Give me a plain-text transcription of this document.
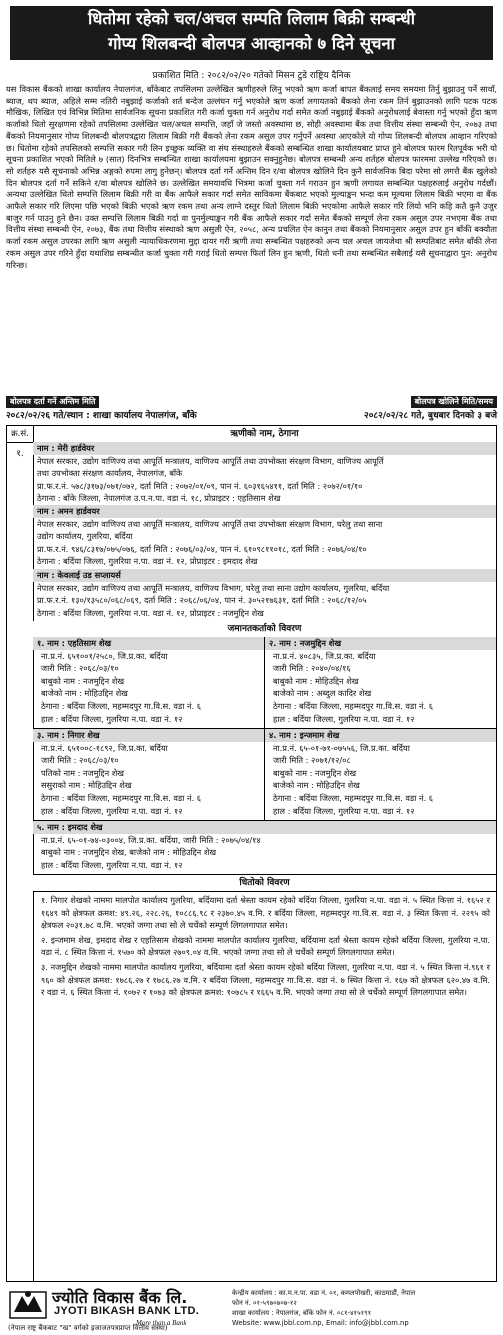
धितोमा रहेको चल/अचल सम्पति लिलाम बिक्री सम्बन्धी
गोप्य शिलबन्दी बोलपत्र आव्हानको ७ दिने सूचना
प्रकाशित मिति : २०८२/०२/२० गतेको मिसन टुडे राष्ट्रिय दैनिक
यस विकास बैंकको शाखा कार्यालय नेपालगंज, बाँकेबाट तपसिलमा उल्लेखित ऋणीहरुले लिनु भएको ऋण कर्जा बापत बैंकलाई समय समयमा तिर्नु बुझाउनु पर्ने सावाँ, ब्याज, थप ब्याज, अहिले सम्म नतिरी नबुझाई कर्जाको शर्त बन्देज उल्लंघन गर्नु भएकोले ऋण कर्जा लगायतको बैंकको लेना रकम तिर्न बुझाउनको लागि पटक पटक मौखिक, लिखित एवं विभिन्न मितिमा सार्वजनिक सूचना प्रकाशित गरी कर्जा चुक्ता गर्न अनुरोध गर्दा समेत कर्जा नबुझाई बैंकको अनुरोधलाई बेवास्ता गर्नु भएको हुँदा ऋण कर्जाको धितो सुरक्षणमा रहेको तपसिलमा उल्लेखित चल/अचल सम्पत्ति, जहाँ जे जस्तो अवस्थामा छ, सोही अवस्थामा बैंक तथा वित्तीय संस्था सम्बन्धी ऐन, २०७३ तथा बैंकको नियमानुसार गोप्य शिलबन्दी बोलपत्रद्वारा लिलाम बिक्री गरी बैंकको लेना रकम असुल उपर गर्नुपर्ने अवस्था आएकोले यो गोप्य शिलबन्दी बोलपत्र आव्हान गरिएको छ। धितोमा रहेको तपसिलको सम्पत्ति सकार गरी लिन इच्छुक व्यक्ति वा संघ संस्थाहरुले बैंकको सम्बन्धित शाखा कार्यालयबाट प्राप्त हुने बोलपत्र फारम रितपूर्वक भरी यो सूचना प्रकाशित भएको मितिले ७ (सात) दिनभित्र सम्बन्धित शाखा कार्यालयमा बुझाउन सक्नुहुनेछ। बोलपत्र सम्बन्धी अन्य शर्तहरु बोलपत्र फारममा उल्लेख गरिएको छ। सो शर्तहरु यसै सूचनाको अभिन्न अङ्गको रुपमा लागु हुनेछन्। बोलपत्र दर्ता गर्ने अन्तिम दिन र/वा बोलपत्र खोलिने दिन कुनै सार्वजनिक बिदा परेमा सो लगत्तै बैंक खुलेको दिन बोलपत्र दर्ता गर्ने सकिने र/वा बोलपत्र खोलिने छ। उल्लेखित समयावधि भित्रमा कर्जा चुक्ता गर्न गराउन हुन ऋणी लगायत सम्बन्धित पक्षहरुलाई अनुरोध गर्दछौं। अन्यथा उल्लेखित धितो सम्पत्ति लिलाम बिक्री गरी वा बैंक आफैले सकार गर्दा समेत साविकमा बैंकबाट भएको मुल्याङ्कन भन्दा कम मूल्यमा लिलाम बिक्री भएमा वा बैंक आफैले सकार गरि लिएमा पछि भएको बिक्री भएको ऋण रकम तथा अन्य लाग्ने दस्तुर धितो लिलाम बिक्री भएकोमा आफैले सकार गरि लियो भनि कहि कतै कुनै उजुर बाजुर गर्न पाउनु हुने छैन। उक्त सम्पत्ति लिलाम बिक्री गर्दा वा पुनर्मुल्याङ्कन गरी बैंक आफैले सकार गर्दा समेत बैंकको सम्पूर्ण लेना रकम असुल उपर नभएमा बैंक तथा वित्तीय संस्था सम्बन्धी ऐन, २०७३, बैंक तथा वित्तीय संस्थाको ऋण असुली ऐन, २०५८, अन्य प्रचलित ऐन कानुन तथा बैंकको नियमानुसार असुल उपर हुन बाँकी बक्यौता कर्जा रकम असुल उपरका लागि ऋण असुली न्यायाधिकरणमा मुद्दा दायर गरी ऋणी तथा सम्बन्धित पक्षहरुको अन्य चल अचल जायजेथा श्री सम्पतिबाट समेत बाँकी लेना रकम असुल उपर गरिने हुँदा यथाशिघ्र सम्बन्धीत कर्जा चुक्ता गरी गराई धितो सम्पत्त फिर्ता लिन हुन ऋणी, धितो धनी तथा सम्बन्धित सबैलाई यसै सूचनाद्वारा पुन: अनुरोध गरिन्छ।
बोलपत्र दर्ता गर्ने अन्तिम मिति
२०८२/०२/२६ गते/स्थान : शाखा कार्यालय नेपालगंज, बाँके
बोलपत्र खोलिने मिति/समय
२०८२/०२/२८ गते, बुधबार दिनको ३ बजे
क्र.सं.	ऋणीको नाम, ठेगाना
१.
नाम : मेरी हार्डवेयर
नेपाल सरकार, उद्योग वाणिज्य तथा आपूर्ति मन्त्रालय, वाणिज्य आपूर्ति तथा उपभोक्ता संरक्षण विभाग, वाणिज्य आपूर्ति
तथा उपभोक्ता संरक्षण कार्यालय, नेपालगंज, बाँके
प्रा.फ.र.नं. ५७८/३१७३/०७१/०७२, दर्ता मिति : २०७२/०१/०९, पान नं. ६०३१६५४११, दर्ता मिति : २०७२/०१/१०
ठेगाना : बाँके जिल्ला, नेपालगंज उ.प.न.पा. वडा नं. १८, प्रोप्राइटर : एहतिसाम शेख
नाम : अमन हार्डवयर
नेपाल सरकार, उद्योग वाणिज्य तथा आपूर्ति मन्त्रालय, वाणिज्य आपूर्ति तथा उपभोक्ता संरक्षण विभाग, घरेलु तथा साना
उद्योग कार्यालय, गुलरिया, बर्दिया
प्रा.फ.र.नं. ९४६/८३१७/०७५/०७६, दर्ता मिति : २०७६/०३/०४, पान नं. ६१०९८११०१८, दर्ता मिति : २०७६/०४/१०
ठेगाना : बर्दिया जिल्ला, गुलरिया न.पा. वडा नं. १२, प्रोप्राइटर : इमदाद शेख
नाम : केवलाई उड सप्लायर्स
नेपाल सरकार, उद्योग वाणिज्य तथा आपूर्ति मन्त्रालय, वाणिज्य विभाग, घरेलु तथा साना उद्योग कार्यालय, गुलरिया, बर्दिया
प्रा.फ.र.नं. १३०/१३५८०/०६८/०६९, दर्ता मिति : २०६८/०६/०४, पान नं. ३०५२१७६३१, दर्ता मिति : २०६८/१२/०५
ठेगाना : बर्दिया जिल्ला, गुलरिया न.पा. वडा नं. १२, प्रोप्राइटर : नजमुद्दिन शेख
जमानतकर्ताको विवरण
१. नाम : एहतिसाम शेख
ना.प्र.नं. ६५१००१/२५८०, जि.प्र.का. बर्दिया
जारी मिति : २०६८/०३/१०
बाबुको नाम : नजमुद्दिन शेख
बाजेको नाम : मोहिउद्दिन शेख
ठेगाना : बर्दिया जिल्ला, महम्मदपुर गा.वि.स. वडा नं. ६
हाल : बर्दिया जिल्ला, गुलरिया न.पा. वडा नं. १२
२. नाम : नजमुद्दिन शेख
ना.प्र.नं. ४०८३५, जि.प्र.का. बर्दिया
जारी मिति : २०४०/०४/१६
बाबुको नाम : मोहिउद्दिन शेख
बाजेको नाम : अब्दुल कादिर शेख
ठेगाना : बर्दिया जिल्ला, महम्मदपुर गा.वि.स. वडा नं. ६
हाल : बर्दिया जिल्ला, गुलरिया न.पा. वडा नं. १२
३. नाम : निगार शेख
ना.प्र.नं. ६५१००८-१८९२, जि.प्र.का. बर्दिया
जारी मिति : २०६८/०३/१०
पतिको नाम : नजमुद्दिन शेख
ससुराको नाम : मोहिउद्दिन शेख
ठेगाना : बर्दिया जिल्ला, महम्मदपुर गा.वि.स. वडा नं. ६
हाल : बर्दिया जिल्ला, गुलरिया न.पा. वडा नं. १२
४. नाम : इन्जमाम शेख
ना.प्र.नं. ६५-०१-७१-०७५५६, जि.प्र.का. बर्दिया
जारी मिति : २०७१/१२/०८
बाबुको नाम : नजमुद्दिन शेख
बाजेको नाम : मोहिउद्दिन शेख
ठेगाना : बर्दिया जिल्ला, महम्मदपुर गा.वि.स. वडा नं. ६
हाल : बर्दिया जिल्ला, गुलरिया न.पा. वडा नं. १२
५. नाम : इमदाद शेख
ना.प्र.नं. ६५-०१-७४-०३००४, जि.प्र.का. बर्दिया, जारी मिति : २०७५/०४/१४
बाबुको नाम : नजमुद्दिन शेख, बाजेको नाम : मोहिउद्दिन शेख
हाल : बर्दिया जिल्ला, गुलरिया न.पा. वडा नं. १२
धितोको विवरण

१. निगार शेखको नाममा मालपोत कार्यालय गुलरिया, बर्दियामा दर्ता श्रेस्ता कायम रहेको बर्दिया जिल्ला, गुलरिया न.पा. वडा नं. ५ स्थित कित्ता नं. १६५२ र १६४९ को क्षेत्रफल क्रमश: ४९.२६, २२८.२६, १०८८६.९८ र २३७०.४५ व.मि. र बर्दिया जिल्ला, महम्मदपुर गा.वि.स. वडा नं. ३ स्थित कित्ता नं. २२९५ को क्षेत्रफल २०३१.७८ व.मि. भएको जग्गा तथा सो ले चर्चेको सम्पूर्ण लिगलगापात समेत।

२. इन्जमाम शेख, इमदाद शेख र एहतिसाम शेखको नाममा मालपोत कार्यालय गुलरिया, बर्दियामा दर्ता श्रेस्ता कायम रहेको बर्दिया जिल्ला, गुलरिया न.पा. वडा नं. ८ स्थित कित्ता नं. १५७० को क्षेत्रफल २७०९.०४ व.मि. भएको जग्गा तथा सो ले चर्चेको सम्पूर्ण लिगलगापात समेत।

३. नजमुद्दिन शेखको नाममा मालपोत कार्यालय गुलरिया, बर्दियामा दर्ता श्रेस्ता कायम रहेको बर्दिया जिल्ला, गुलरिया न.पा. वडा नं. ५ स्थित कित्ता नं.९६१ र ९६० को क्षेत्रफल क्रमश: १७८६.२७ र १७८६.२७ व.मि. र बर्दिया जिल्ला, महम्मदपुर गा.वि.स. वडा नं. ७ स्थित कित्ता नं. १६७ को क्षेत्रफल ६२०.४७ व.मि. र वडा नं. ६ स्थित कित्ता नं. १०७२ र १०७३ को क्षेत्रफल क्रमश: १०७८५ र १६६५ व.मि. भएको जग्गा तथा सो ले चर्चेको सम्पूर्ण लिगलगापात समेत।

ज्योति विकास बैंक लि.
JYOTI BIKASH BANK LTD.
More than a Bank
(नेपाल राष्ट्र बैंकबाट "ख" वर्गको इजाजतपत्रप्राप्त वित्तीय संस्था)
केन्द्रीय कार्यालय : का.म.न.पा. वडा नं. ०१, कमलपोखरी, काठमाडौं, नेपाल
फोन नं. ०१-५९७०७०७-१२
शाखा कार्यालय : नेपालगंज, बाँके फोन नं. ०८१-४१५१९१
Website: www.jbbl.com.np, Email: info@jbbl.com.np
